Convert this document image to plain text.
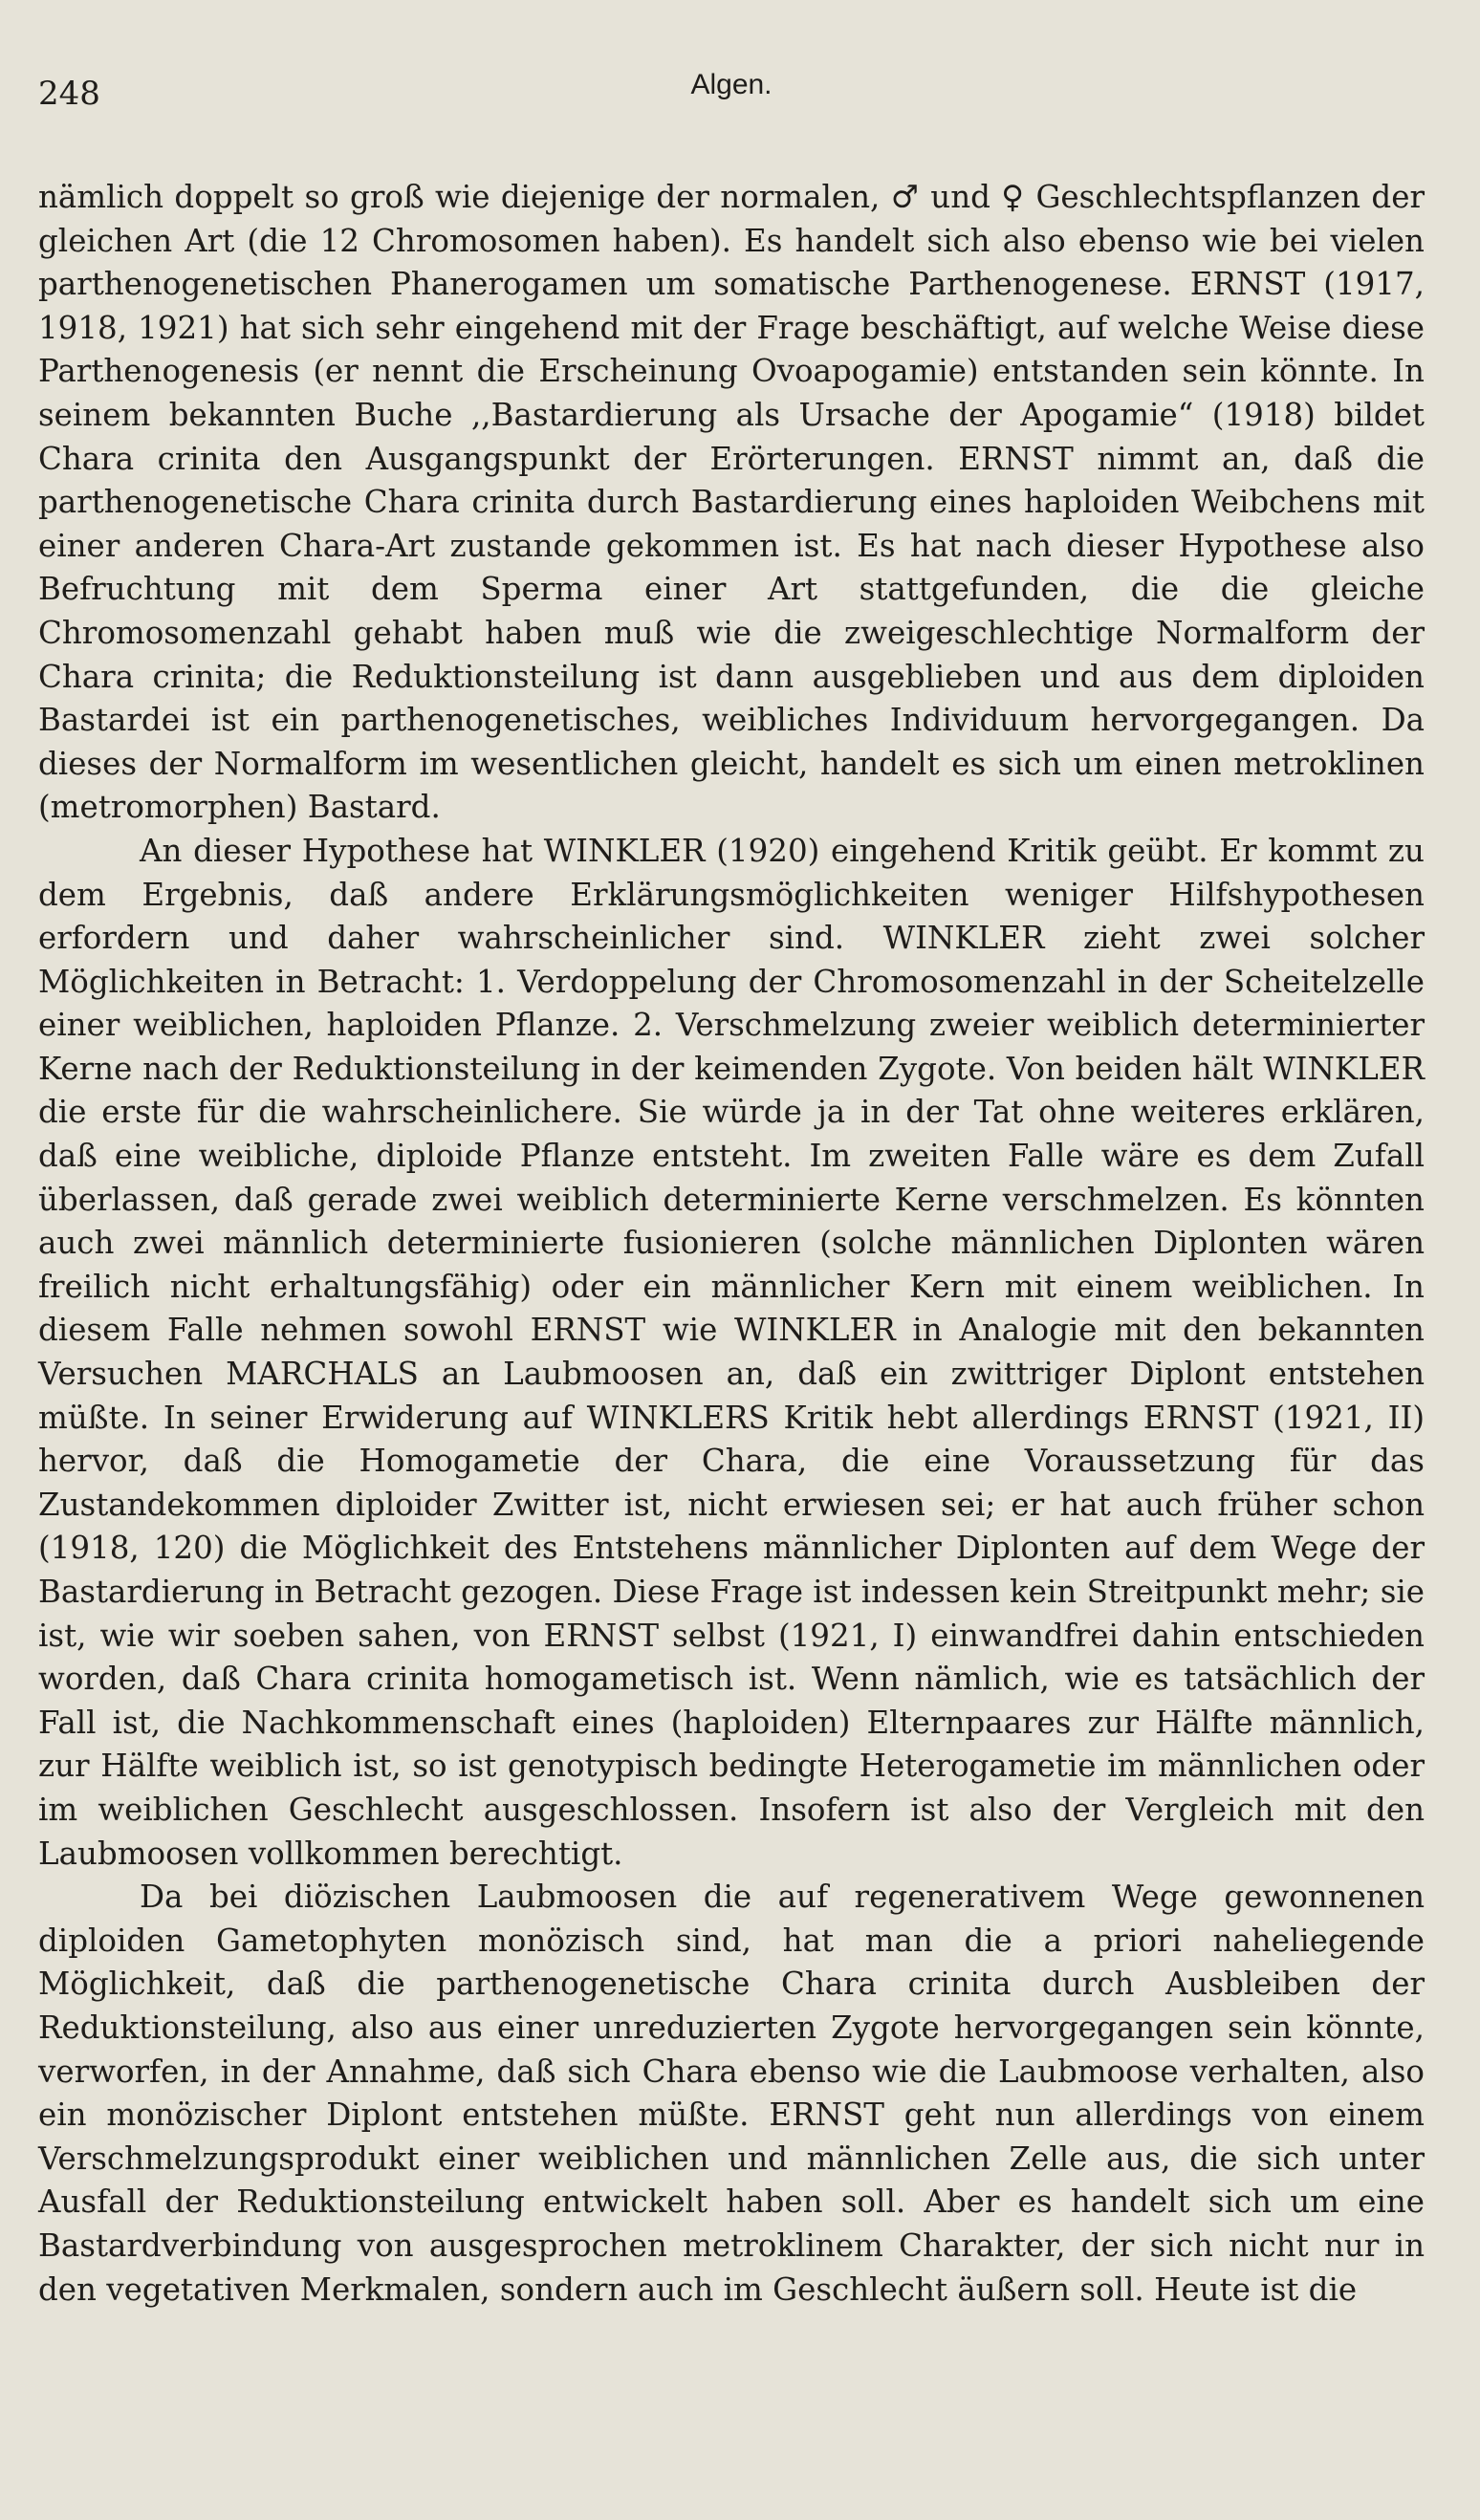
248	Algen.

nämlich doppelt so groß wie diejenige der normalen, ♂ und ♀ Geschlechtspflanzen der gleichen Art (die 12 Chromosomen haben). Es handelt sich also ebenso wie bei vielen parthenogenetischen Phanerogamen um somatische Parthenogenese. ERNST (1917, 1918, 1921) hat sich sehr eingehend mit der Frage beschäftigt, auf welche Weise diese Parthenogenesis (er nennt die Erscheinung Ovoapogamie) entstanden sein könnte. In seinem bekannten Buche ,,Bastardierung als Ursache der Apogamie“ (1918) bildet Chara crinita den Ausgangspunkt der Erörterungen. ERNST nimmt an, daß die parthenogenetische Chara crinita durch Bastardierung eines haploiden Weibchens mit einer anderen Chara-Art zustande gekommen ist. Es hat nach dieser Hypothese also Befruchtung mit dem Sperma einer Art stattgefunden, die die gleiche Chromosomenzahl gehabt haben muß wie die zweigeschlechtige Normalform der Chara crinita; die Reduktionsteilung ist dann ausgeblieben und aus dem diploiden Bastardei ist ein parthenogenetisches, weibliches Individuum hervorgegangen. Da dieses der Normalform im wesentlichen gleicht, handelt es sich um einen metroklinen (metromorphen) Bastard.

An dieser Hypothese hat WINKLER (1920) eingehend Kritik geübt. Er kommt zu dem Ergebnis, daß andere Erklärungsmöglichkeiten weniger Hilfshypothesen erfordern und daher wahrscheinlicher sind. WINKLER zieht zwei solcher Möglichkeiten in Betracht: 1. Verdoppelung der Chromosomenzahl in der Scheitelzelle einer weiblichen, haploiden Pflanze. 2. Verschmelzung zweier weiblich determinierter Kerne nach der Reduktionsteilung in der keimenden Zygote. Von beiden hält WINKLER die erste für die wahrscheinlichere. Sie würde ja in der Tat ohne weiteres erklären, daß eine weibliche, diploide Pflanze entsteht. Im zweiten Falle wäre es dem Zufall überlassen, daß gerade zwei weiblich determinierte Kerne verschmelzen. Es könnten auch zwei männlich determinierte fusionieren (solche männlichen Diplonten wären freilich nicht erhaltungsfähig) oder ein männlicher Kern mit einem weiblichen. In diesem Falle nehmen sowohl ERNST wie WINKLER in Analogie mit den bekannten Versuchen MARCHALS an Laubmoosen an, daß ein zwittriger Diplont entstehen müßte. In seiner Erwiderung auf WINKLERS Kritik hebt allerdings ERNST (1921, II) hervor, daß die Homogametie der Chara, die eine Voraussetzung für das Zustandekommen diploider Zwitter ist, nicht erwiesen sei; er hat auch früher schon (1918, 120) die Möglichkeit des Entstehens männlicher Diplonten auf dem Wege der Bastardierung in Betracht gezogen. Diese Frage ist indessen kein Streitpunkt mehr; sie ist, wie wir soeben sahen, von ERNST selbst (1921, I) einwandfrei dahin entschieden worden, daß Chara crinita homogametisch ist. Wenn nämlich, wie es tatsächlich der Fall ist, die Nachkommenschaft eines (haploiden) Elternpaares zur Hälfte männlich, zur Hälfte weiblich ist, so ist genotypisch bedingte Heterogametie im männlichen oder im weiblichen Geschlecht ausgeschlossen. Insofern ist also der Vergleich mit den Laubmoosen vollkommen berechtigt.

Da bei diözischen Laubmoosen die auf regenerativem Wege gewonnenen diploiden Gametophyten monözisch sind, hat man die a priori naheliegende Möglichkeit, daß die parthenogenetische Chara crinita durch Ausbleiben der Reduktionsteilung, also aus einer unreduzierten Zygote hervorgegangen sein könnte, verworfen, in der Annahme, daß sich Chara ebenso wie die Laubmoose verhalten, also ein monözischer Diplont entstehen müßte. ERNST geht nun allerdings von einem Verschmelzungsprodukt einer weiblichen und männlichen Zelle aus, die sich unter Ausfall der Reduktionsteilung entwickelt haben soll. Aber es handelt sich um eine Bastardverbindung von ausgesprochen metroklinem Charakter, der sich nicht nur in den vegetativen Merkmalen, sondern auch im Geschlecht äußern soll. Heute ist die
